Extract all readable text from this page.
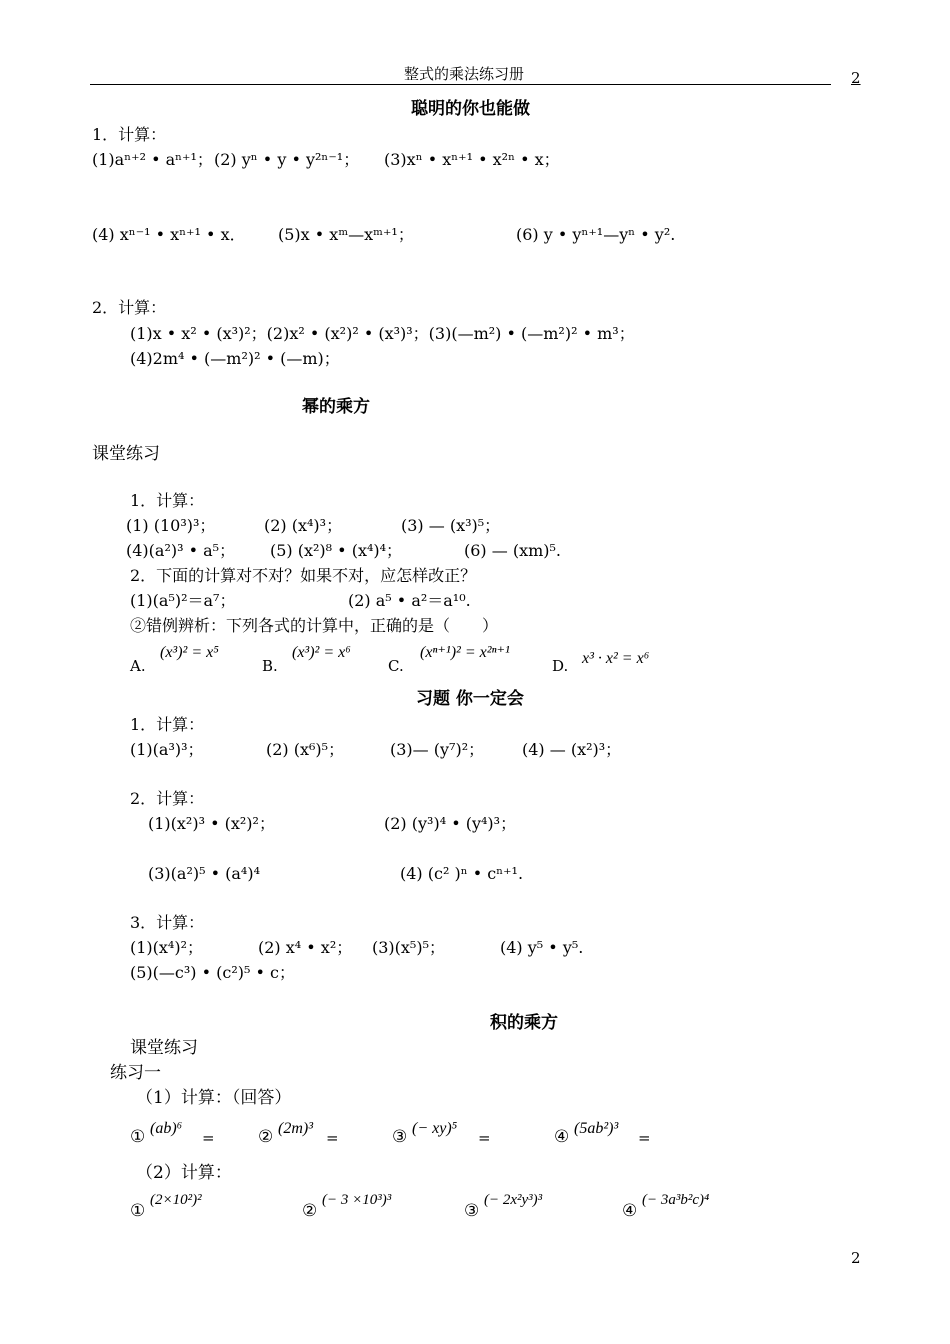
整式的乘法练习册	2
聪明的你也能做
1．计算：
(1)aⁿ⁺² • aⁿ⁺¹； (2) yⁿ • y • y²ⁿ⁻¹； (3)xⁿ • xⁿ⁺¹ • x²ⁿ • x；
(4) xⁿ⁻¹ • xⁿ⁺¹ • x． (5)x • xᵐ—xᵐ⁺¹；	(6) y • yⁿ⁺¹—yⁿ • y².
2．计算：
(1)x • x² • (x³)²；(2)x² • (x²)² • (x³)³；(3)(—m²) • (—m²)² • m³；
(4)2m⁴ • (—m²)² • (—m)；
幂的乘方
课堂练习
1．计算：
(1) (10³)³；	(2) (x⁴)³；	(3) — (x³)⁵；
(4)(a²)³ • a⁵； (5) (x²)⁸ • (x⁴)⁴；	(6) — (xm)⁵.
2．下面的计算对不对？如果不对，应怎样改正？
(1)(a⁵)²＝a⁷；	(2) a⁵ • a²＝a¹⁰.
②错例辨析：下列各式的计算中，正确的是（　　）
A.
(x³)² = x⁵
B.
(x³)² = x⁶
C.
(xⁿ⁺¹)² = x²ⁿ⁺¹
D. x³ · x² = x⁶
习题 你一定会
1．计算：
(1)(a³)³；	(2) (x⁶)⁵；	(3)— (y⁷)²； (4) — (x²)³；
2．计算：
(1)(x²)³ • (x²)²；	(2) (y³)⁴ • (y⁴)³；
(3)(a²)⁵ • (a⁴)⁴	(4) (c² )ⁿ • cⁿ⁺¹.
3．计算：
(1)(x⁴)²；	(2) x⁴ • x²； (3)(x⁵)⁵；	(4) y⁵ • y⁵.
(5)(—c³) • (c²)⁵ • c；
积的乘方
课堂练习
练习一
（1）计算：（回答）
① (ab)⁶
=	② (2m)³
=	③ (− xy)⁵
=	④ (5ab²)³
=
（2）计算：
①
(2×10²)²
②
(− 3 ×10³)³
③
(− 2x²y³)³
④
(− 3a³b²c)⁴
2
